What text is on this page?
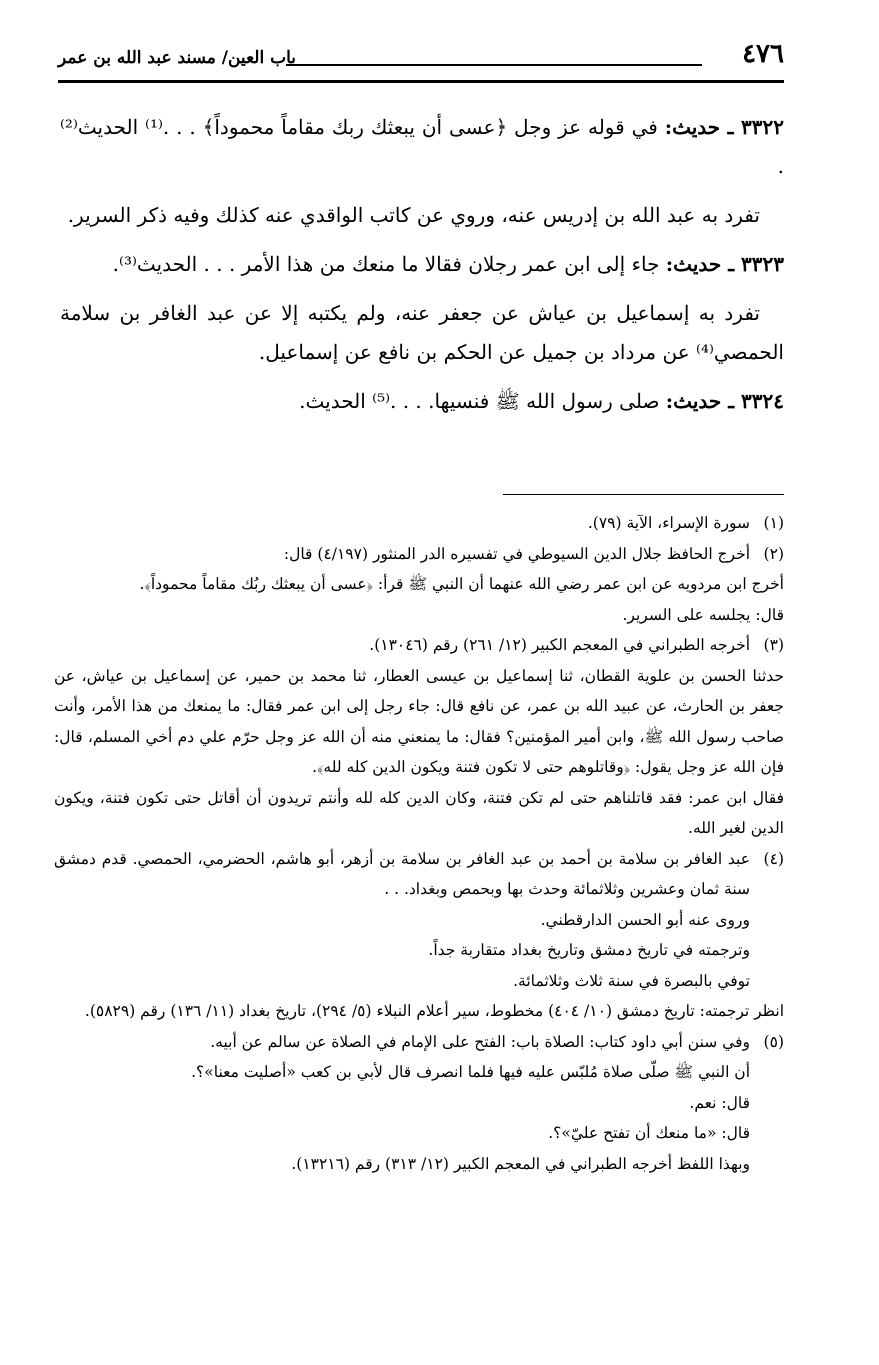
٤٧٦
باب العين/ مسند عبد الله بن عمر

٣٣٢٢ ـ حديث: في قوله عز وجل ﴿عسى أن يبعثك ربك مقاماً محموداً﴾ . . .⁽¹⁾ الحديث⁽²⁾ .

تفرد به عبد الله بن إدريس عنه، وروي عن كاتب الواقدي عنه كذلك وفيه ذكر السرير.

٣٣٢٣ ـ حديث: جاء إلى ابن عمر رجلان فقالا ما منعك من هذا الأمر . . . الحديث⁽³⁾.

تفرد به إسماعيل بن عياش عن جعفر عنه، ولم يكتبه إلا عن عبد الغافر بن سلامة الحمصي⁽⁴⁾ عن مرداد بن جميل عن الحكم بن نافع عن إسماعيل.

٣٣٢٤ ـ حديث: صلى رسول الله ﷺ فنسيها. . . .⁽⁵⁾ الحديث.

(١)
سورة الإسراء، الآية (٧٩).
(٢)
أخرج الحافظ جلال الدين السيوطي في تفسيره الدر المنثور (٤/١٩٧) قال:

أخرج ابن مردويه عن ابن عمر رضي الله عنهما أن النبي ﷺ قرأ: ﴿عسى أن يبعثك ربُك مقاماً محموداً﴾.

قال: يجلسه على السرير.

(٣)
أخرجه الطبراني في المعجم الكبير (١٢/ ٢٦١) رقم (١٣٠٤٦).

حدثنا الحسن بن علوية القطان، ثنا إسماعيل بن عيسى العطار، ثنا محمد بن حمير، عن إسماعيل بن عياش، عن جعفر بن الحارث، عن عبيد الله بن عمر، عن نافع قال: جاء رجل إلى ابن عمر فقال: ما يمنعك من هذا الأمر، وأنت صاحب رسول الله ﷺ، وابن أمير المؤمنين؟ فقال: ما يمنعني منه أن الله عز وجل حرّم علي دم أخي المسلم، قال: فإن الله عز وجل يقول: ﴿وقاتلوهم حتى لا تكون فتنة ويكون الدين كله لله﴾.

فقال ابن عمر: فقد قاتلناهم حتى لم تكن فتنة، وكان الدين كله لله وأنتم تريدون أن أقاتل حتى تكون فتنة، ويكون الدين لغير الله.

(٤)
عبد الغافر بن سلامة بن أحمد بن عبد الغافر بن سلامة بن أزهر، أبو هاشم، الحضرمي، الحمصي. قدم دمشق سنة ثمان وعشرين وثلاثمائة وحدث بها وبحمص وبغداد. . .

وروى عنه أبو الحسن الدارقطني.

وترجمته في تاريخ دمشق وتاريخ بغداد متقاربة جداً.

توفي بالبصرة في سنة ثلاث وثلاثمائة.

انظر ترجمته: تاريخ دمشق (١٠/ ٤٠٤) مخطوط، سير أعلام النبلاء (٥/ ٢٩٤)، تاريخ بغداد (١١/ ١٣٦) رقم (٥٨٢٩).

(٥)
وفي سنن أبي داود كتاب: الصلاة باب: الفتح على الإمام في الصلاة عن سالم عن أبيه.

أن النبي ﷺ صلّى صلاة مُلبّس عليه فيها فلما انصرف قال لأبي بن كعب «أصليت معنا»؟.

قال: نعم.

قال: «ما منعك أن تفتح عليّ»؟.

وبهذا اللفظ أخرجه الطبراني في المعجم الكبير (١٢/ ٣١٣) رقم (١٣٢١٦).
